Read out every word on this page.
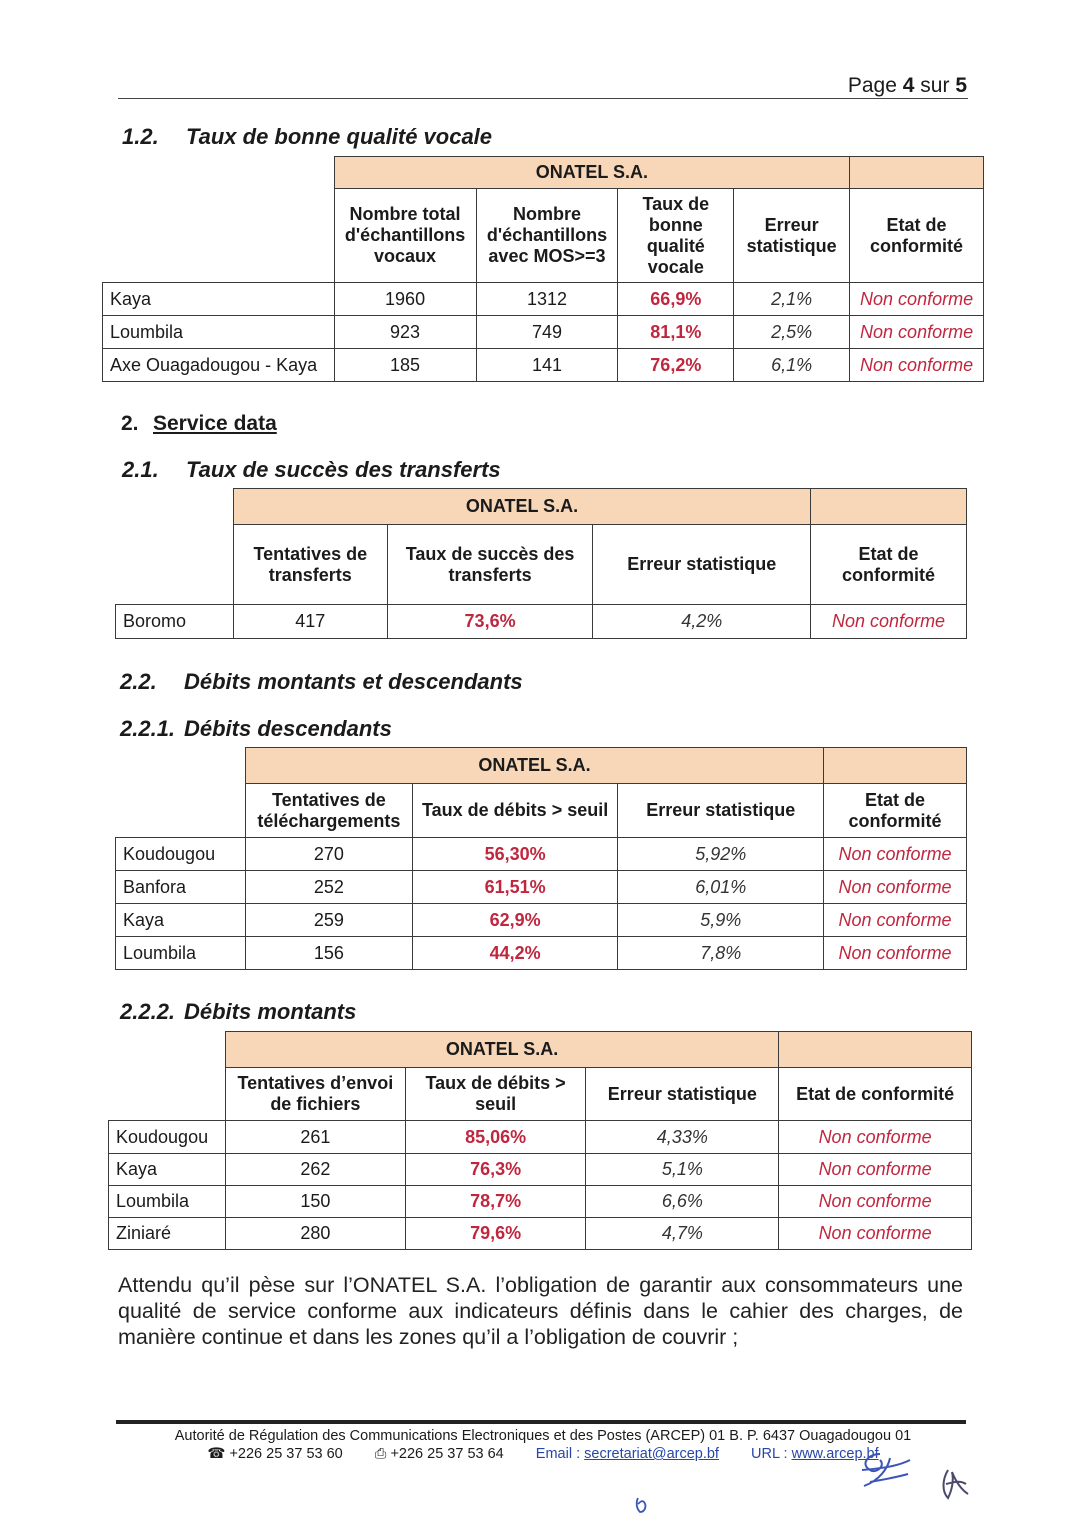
Page 4 sur 5
1.2. Taux de bonne qualité vocale
	ONATEL S.A.				
	Nombre total d'échantillons vocaux	Nombre d'échantillons avec MOS>=3	Taux de bonne qualité vocale	Erreur statistique	Etat de conformité
Kaya	1960	1312	66,9%	2,1%	Non conforme
Loumbila	923	749	81,1%	2,5%	Non conforme
Axe Ouagadougou - Kaya	185	141	76,2%	6,1%	Non conforme
2. Service data
2.1. Taux de succès des transferts
	ONATEL S.A.			
	Tentatives de transferts	Taux de succès des transferts	Erreur statistique	Etat de conformité
Boromo	417	73,6%	4,2%	Non conforme
2.2. Débits montants et descendants
2.2.1. Débits descendants
	ONATEL S.A.			
	Tentatives de téléchargements	Taux de débits > seuil	Erreur statistique	Etat de conformité
Koudougou	270	56,30%	5,92%	Non conforme
Banfora	252	61,51%	6,01%	Non conforme
Kaya	259	62,9%	5,9%	Non conforme
Loumbila	156	44,2%	7,8%	Non conforme
2.2.2. Débits montants
	ONATEL S.A.			
	Tentatives d’envoi de fichiers	Taux de débits > seuil	Erreur statistique	Etat de conformité
Koudougou	261	85,06%	4,33%	Non conforme
Kaya	262	76,3%	5,1%	Non conforme
Loumbila	150	78,7%	6,6%	Non conforme
Ziniaré	280	79,6%	4,7%	Non conforme
Attendu qu’il pèse sur l’ONATEL S.A. l’obligation de garantir aux consommateurs une qualité de service conforme aux indicateurs définis dans le cahier des charges, de manière continue et dans les zones qu’il a l’obligation de couvrir ;
Autorité de Régulation des Communications Electroniques et des Postes (ARCEP) 01 B. P. 6437 Ouagadougou 01
☎ +226 25 37 53 60 ⎙ +226 25 37 53 64 Email : secretariat@arcep.bf URL : www.arcep.bf
